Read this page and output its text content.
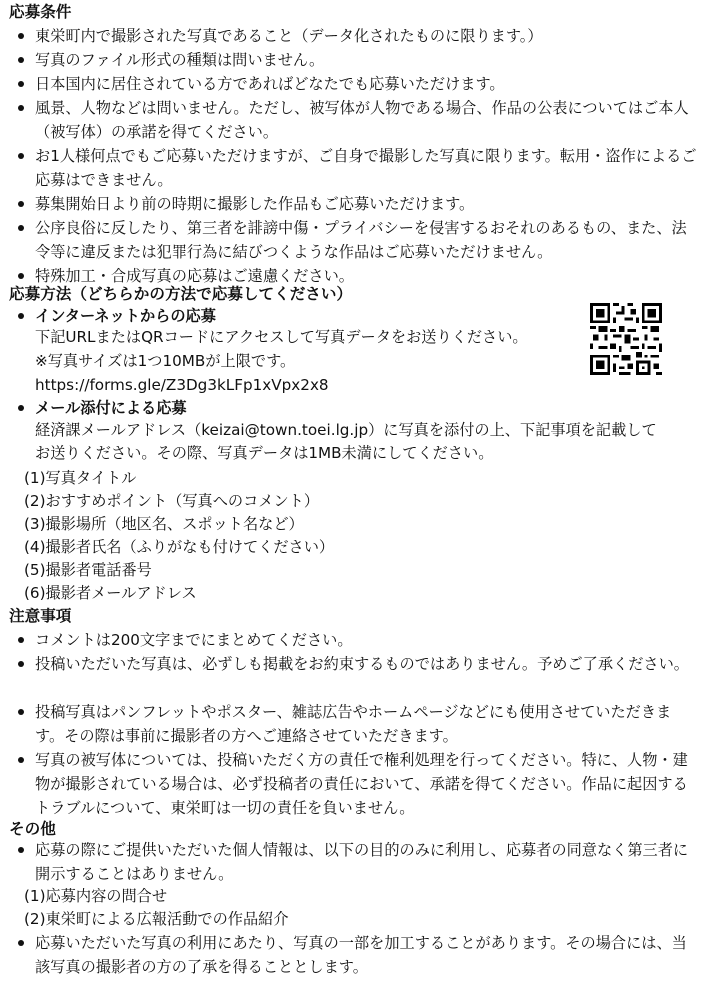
応募条件
東栄町内で撮影された写真であること（データ化されたものに限ります。）
写真のファイル形式の種類は問いません。
日本国内に居住されている方であればどなたでも応募いただけます。
風景、人物などは問いません。ただし、被写体が人物である場合、作品の公表についてはご本人（被写体）の承諾を得てください。
お1人様何点でもご応募いただけますが、ご自身で撮影した写真に限ります。転用・盗作によるご応募はできません。
募集開始日より前の時期に撮影した作品もご応募いただけます。
公序良俗に反したり、第三者を誹謗中傷・プライバシーを侵害するおそれのあるもの、また、法令等に違反または犯罪行為に結びつくような作品はご応募いただけません。
特殊加工・合成写真の応募はご遠慮ください。
応募方法（どちらかの方法で応募してください）
インターネットからの応募
下記URLまたはQRコードにアクセスして写真データをお送りください。
※写真サイズは1つ10MBが上限です。
https://forms.gle/Z3Dg3kLFp1xVpx2x8
メール添付による応募
経済課メールアドレス（keizai@town.toei.lg.jp）に写真を添付の上、下記事項を記載してお送りください。その際、写真データは1MB未満にしてください。
(1)写真タイトル
(2)おすすめポイント（写真へのコメント）
(3)撮影場所（地区名、スポット名など）
(4)撮影者氏名（ふりがなも付けてください）
(5)撮影者電話番号
(6)撮影者メールアドレス
注意事項
コメントは200文字までにまとめてください。
投稿いただいた写真は、必ずしも掲載をお約束するものではありません。予めご了承ください。
投稿写真はパンフレットやポスター、雑誌広告やホームページなどにも使用させていただきます。その際は事前に撮影者の方へご連絡させていただきます。
写真の被写体については、投稿いただく方の責任で権利処理を行ってください。特に、人物・建物が撮影されている場合は、必ず投稿者の責任において、承諾を得てください。作品に起因するトラブルについて、東栄町は一切の責任を負いません。
その他
応募の際にご提供いただいた個人情報は、以下の目的のみに利用し、応募者の同意なく第三者に開示することはありません。
(1)応募内容の問合せ
(2)東栄町による広報活動での作品紹介
応募いただいた写真の利用にあたり、写真の一部を加工することがあります。その場合には、当該写真の撮影者の方の了承を得ることとします。
